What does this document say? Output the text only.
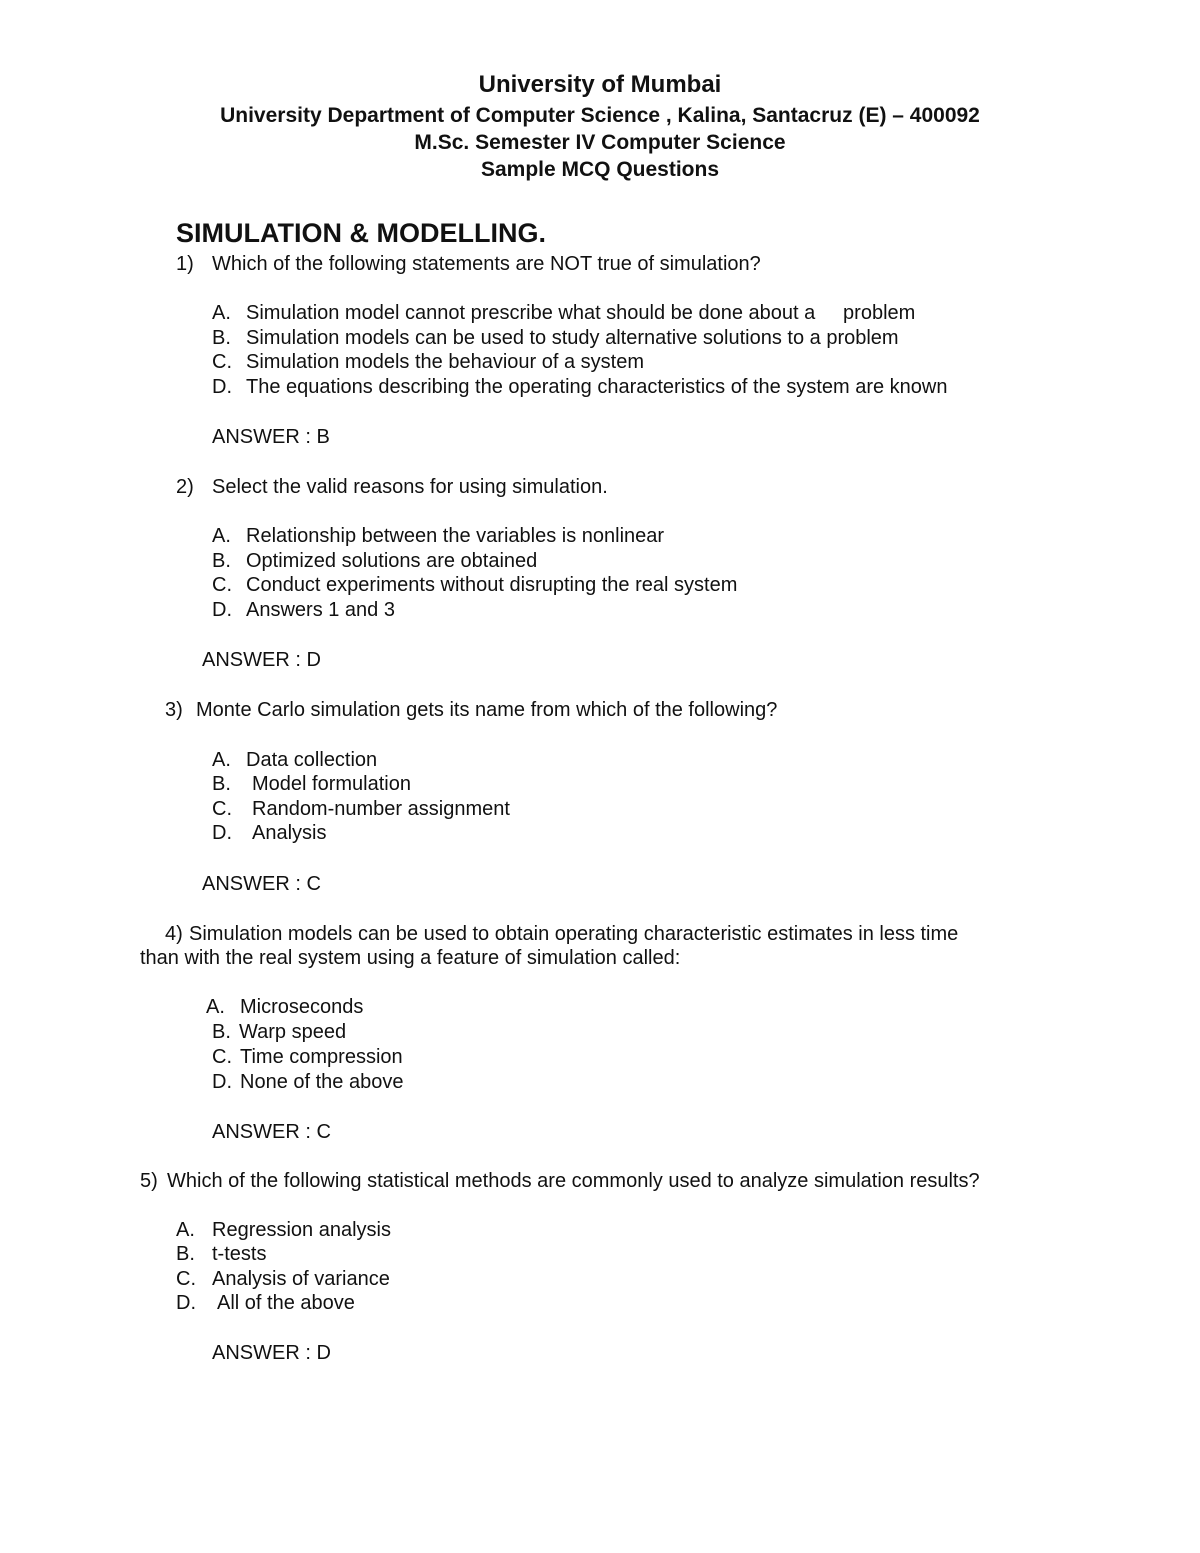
University of Mumbai
University Department of Computer Science , Kalina, Santacruz (E) – 400092
M.Sc. Semester IV Computer Science
Sample MCQ Questions
SIMULATION & MODELLING.
1) Which of the following statements are NOT true of simulation?
A. Simulation model cannot prescribe what should be done about a     problem
B. Simulation models can be used to study alternative solutions to a problem
C. Simulation models the behaviour of a system
D. The equations describing the operating characteristics of the system are known
ANSWER : B
2) Select the valid reasons for using simulation.
A. Relationship between the variables is nonlinear
B. Optimized solutions are obtained
C. Conduct experiments without disrupting the real system
D. Answers 1 and 3
ANSWER : D
3) Monte Carlo simulation gets its name from which of the following?
A. Data collection
B. Model formulation
C. Random-number assignment
D. Analysis
ANSWER : C
4) Simulation models can be used to obtain operating characteristic estimates in less time
than with the real system using a feature of simulation called:
A. Microseconds
B. Warp speed
C. Time compression
D. None of the above
ANSWER : C
5) Which of the following statistical methods are commonly used to analyze simulation results?
A. Regression analysis
B. t-tests
C. Analysis of variance
D. All of the above
ANSWER : D
